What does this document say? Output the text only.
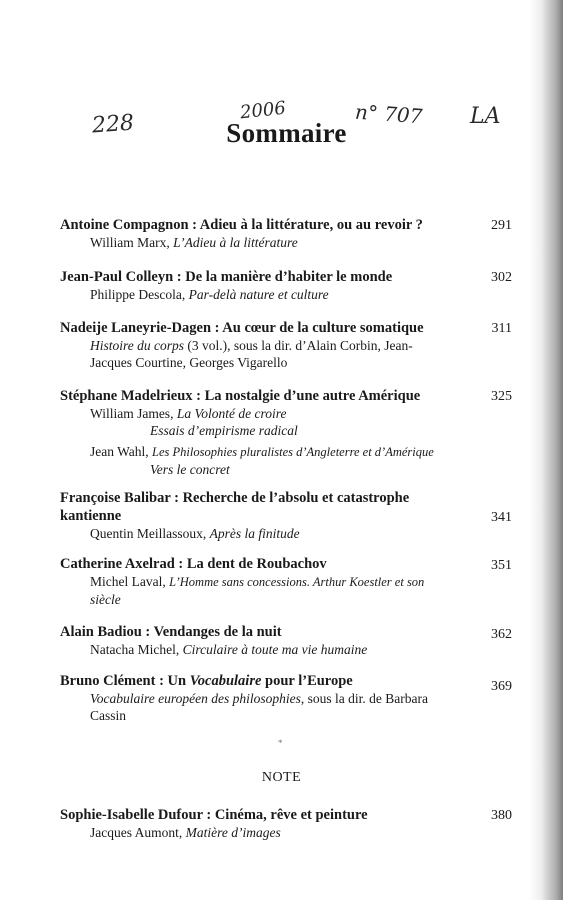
228
2006	n° 707 LA
Sommaire
Antoine Compagnon : Adieu à la littérature, ou au revoir ?
William Marx, L’Adieu à la littérature
291
Jean-Paul Colleyn : De la manière d’habiter le monde
Philippe Descola, Par-delà nature et culture
302
Nadeije Laneyrie-Dagen : Au cœur de la culture somatique
Histoire du corps (3 vol.), sous la dir. d’Alain Corbin, Jean-
Jacques Courtine, Georges Vigarello
311
Stéphane Madelrieux : La nostalgie d’une autre Amérique
William James, La Volonté de croire
Essais d’empirisme radical
Jean Wahl, Les Philosophies pluralistes d’Angleterre et d’Amérique
Vers le concret
325
Françoise Balibar : Recherche de l’absolu et catastrophe
kantienne
Quentin Meillassoux, Après la finitude
341
Catherine Axelrad : La dent de Roubachov
Michel Laval, L’Homme sans concessions. Arthur Koestler et son
siècle
351
Alain Badiou : Vendanges de la nuit
Natacha Michel, Circulaire à toute ma vie humaine
362
Bruno Clément : Un Vocabulaire pour l’Europe
Vocabulaire européen des philosophies, sous la dir. de Barbara
Cassin
369
*
NOTE
Sophie-Isabelle Dufour : Cinéma, rêve et peinture
Jacques Aumont, Matière d’images
380
